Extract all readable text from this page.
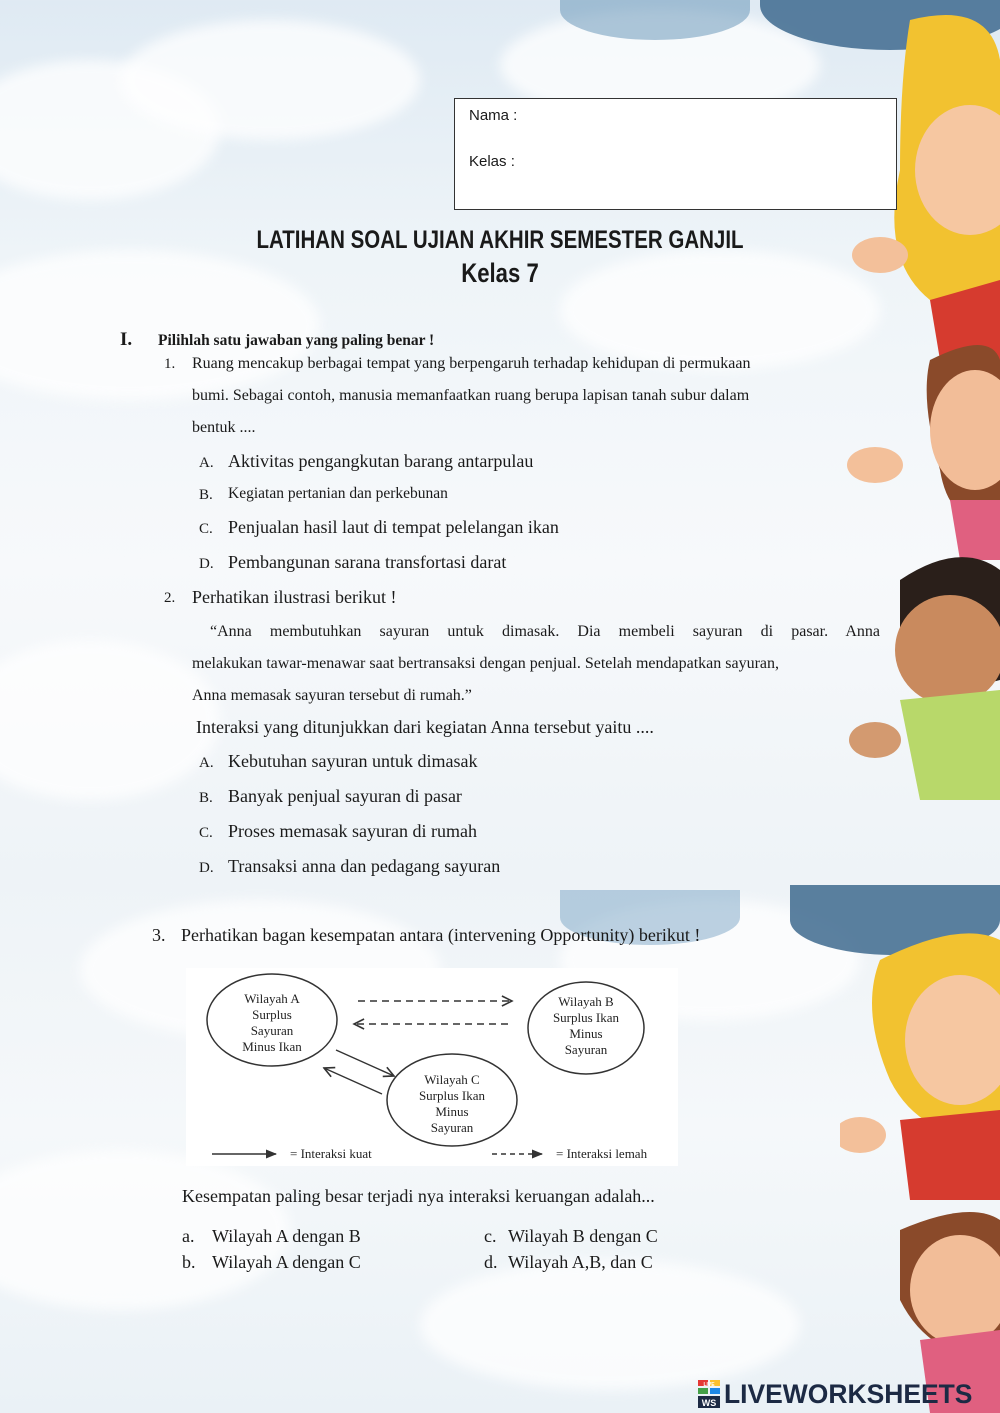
Nama :
Kelas :
LATIHAN SOAL UJIAN AKHIR SEMESTER GANJIL
Kelas 7
I. Pilihlah satu jawaban yang paling benar !
1. Ruang mencakup berbagai tempat yang berpengaruh terhadap kehidupan di permukaan
bumi. Sebagai contoh, manusia memanfaatkan ruang berupa lapisan tanah subur dalam
bentuk ....
A. Aktivitas pengangkutan barang antarpulau
B. Kegiatan pertanian dan perkebunan
C. Penjualan hasil laut di tempat pelelangan ikan
D. Pembangunan sarana transfortasi darat
2. Perhatikan ilustrasi berikut !
“Anna membutuhkan sayuran untuk dimasak. Dia membeli sayuran di pasar. Anna
melakukan tawar-menawar saat bertransaksi dengan penjual. Setelah mendapatkan sayuran,
Anna memasak sayuran tersebut di rumah.”
Interaksi yang ditunjukkan dari kegiatan Anna tersebut yaitu ....
A. Kebutuhan sayuran untuk dimasak
B. Banyak penjual sayuran di pasar
C. Proses memasak sayuran di rumah
D. Transaksi anna dan pedagang sayuran
3. Perhatikan bagan kesempatan antara (intervening Opportunity) berikut !
Wilayah A
Surplus
Sayuran
Minus Ikan
Wilayah B
Surplus Ikan
Minus
Sayuran
Wilayah C
Surplus Ikan
Minus
Sayuran
= Interaksi kuat	= Interaksi lemah
Kesempatan paling besar terjadi nya interaksi keruangan adalah...
a. Wilayah A dengan B
b. Wilayah A dengan C
c. Wilayah B dengan C
d. Wilayah A,B, dan C
WS
LIVE LIVEWORKSHEETS
